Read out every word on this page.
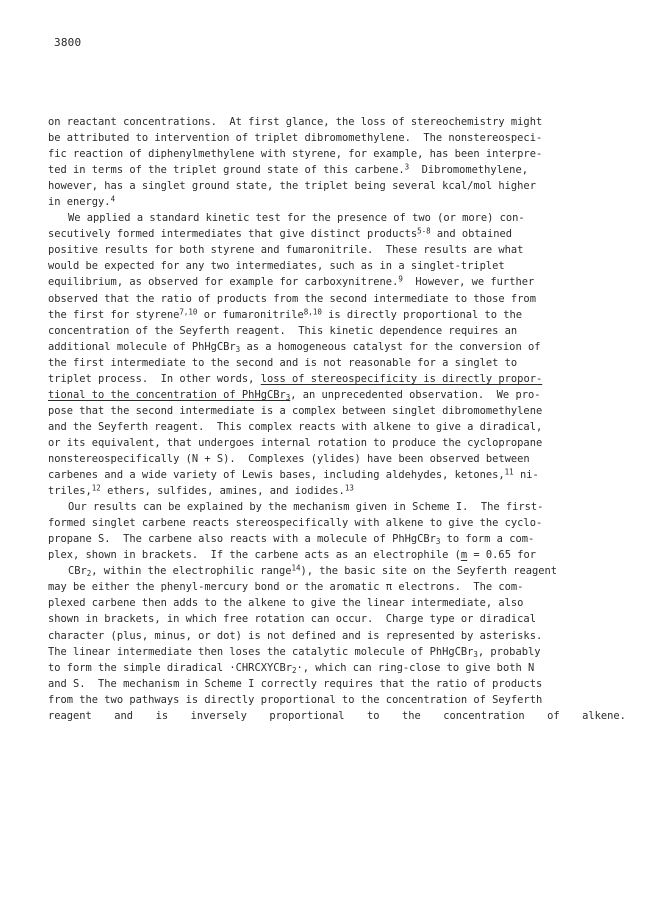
3800
on reactant concentrations.  At first glance, the loss of stereochemistry might
be attributed to intervention of triplet dibromomethylene.  The nonstereospeci-
fic reaction of diphenylmethylene with styrene, for example, has been interpre-
ted in terms of the triplet ground state of this carbene.$^3$  Dibromomethylene,
however, has a singlet ground state, the triplet being several kcal/mol higher
in energy.$^4$
We applied a standard kinetic test for the presence of two (or more) con-
secutively formed intermediates that give distinct products$^{5-8}$ and obtained
positive results for both styrene and fumaronitrile.  These results are what
would be expected for any two intermediates, such as in a singlet-triplet
equilibrium, as observed for example for carboxynitrene.$^9$  However, we further
observed that the ratio of products from the second intermediate to those from
the first for styrene$^{7,10}$ or fumaronitrile$^{8,10}$ is directly proportional to the
concentration of the Seyferth reagent.  This kinetic dependence requires an
additional molecule of PhHgCBr$_3$ as a homogeneous catalyst for the conversion of
the first intermediate to the second and is not reasonable for a singlet to
triplet process.  In other words, loss of stereospecificity is directly propor-
tional to the concentration of PhHgCBr$_3$, an unprecedented observation.  We pro-
pose that the second intermediate is a complex between singlet dibromomethylene
and the Seyferth reagent.  This complex reacts with alkene to give a diradical,
or its equivalent, that undergoes internal rotation to produce the cyclopropane
nonstereospecifically (N + S).  Complexes (ylides) have been observed between
carbenes and a wide variety of Lewis bases, including aldehydes, ketones,$^{11}$ ni-
triles,$^{12}$ ethers, sulfides, amines, and iodides.$^{13}$
Our results can be explained by the mechanism given in Scheme I.  The first-
formed singlet carbene reacts stereospecifically with alkene to give the cyclo-
propane S.  The carbene also reacts with a molecule of PhHgCBr$_3$ to form a com-
plex, shown in brackets.  If the carbene acts as an electrophile (m = 0.65 for
CBr$_2$, within the electrophilic range$^{14}$), the basic site on the Seyferth reagent
may be either the phenyl-mercury bond or the aromatic π electrons.  The com-
plexed carbene then adds to the alkene to give the linear intermediate, also
shown in brackets, in which free rotation can occur.  Charge type or diradical
character (plus, minus, or dot) is not defined and is represented by asterisks.
The linear intermediate then loses the catalytic molecule of PhHgCBr$_3$, probably
to form the simple diradical ·CHRCXYCBr$_2$·, which can ring-close to give both N
and S.  The mechanism in Scheme I correctly requires that the ratio of products
from the two pathways is directly proportional to the concentration of Seyferth
reagent and is inversely proportional to the concentration of alkene.
